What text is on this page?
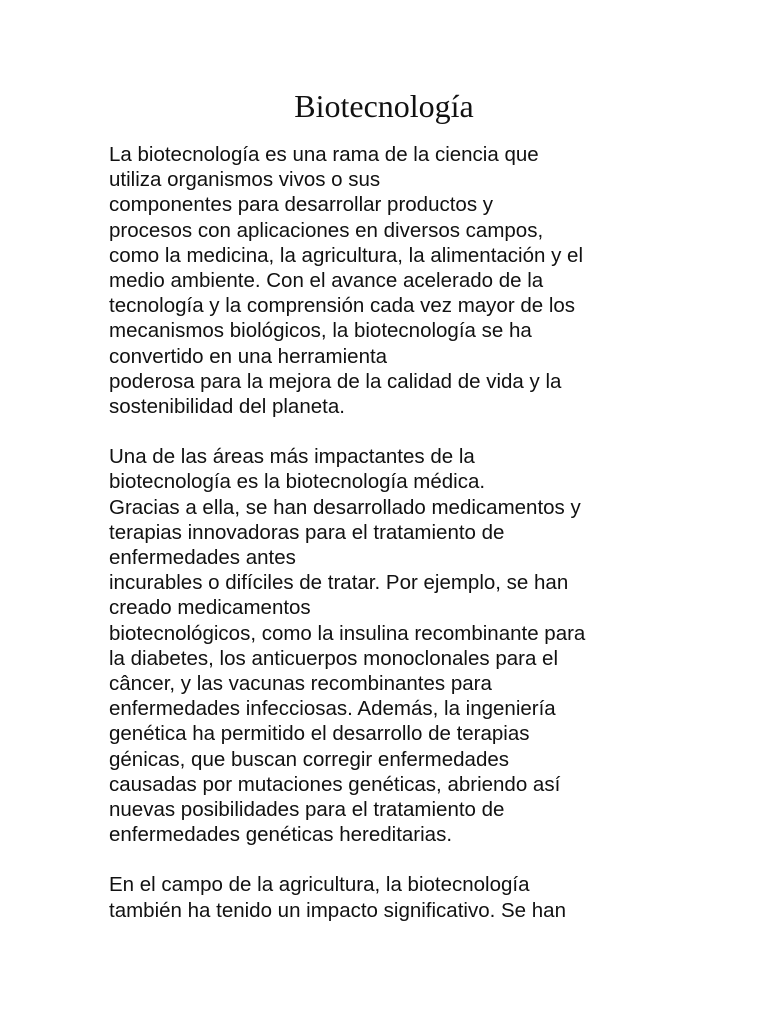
Biotecnología

La biotecnología es una rama de la ciencia que
utiliza organismos vivos o sus
componentes para desarrollar productos y
procesos con aplicaciones en diversos campos,
como la medicina, la agricultura, la alimentación y el
medio ambiente. Con el avance acelerado de la
tecnología y la comprensión cada vez mayor de los
mecanismos biológicos, la biotecnología se ha
convertido en una herramienta
poderosa para la mejora de la calidad de vida y la
sostenibilidad del planeta.

Una de las áreas más impactantes de la
biotecnología es la biotecnología médica.
Gracias a ella, se han desarrollado medicamentos y
terapias innovadoras para el tratamiento de
enfermedades antes
incurables o difíciles de tratar. Por ejemplo, se han
creado medicamentos
biotecnológicos, como la insulina recombinante para
la diabetes, los anticuerpos monoclonales para el
câncer, y las vacunas recombinantes para
enfermedades infecciosas. Además, la ingeniería
genética ha permitido el desarrollo de terapias
génicas, que buscan corregir enfermedades
causadas por mutaciones genéticas, abriendo así
nuevas posibilidades para el tratamiento de
enfermedades genéticas hereditarias.

En el campo de la agricultura, la biotecnología
también ha tenido un impacto significativo. Se han
